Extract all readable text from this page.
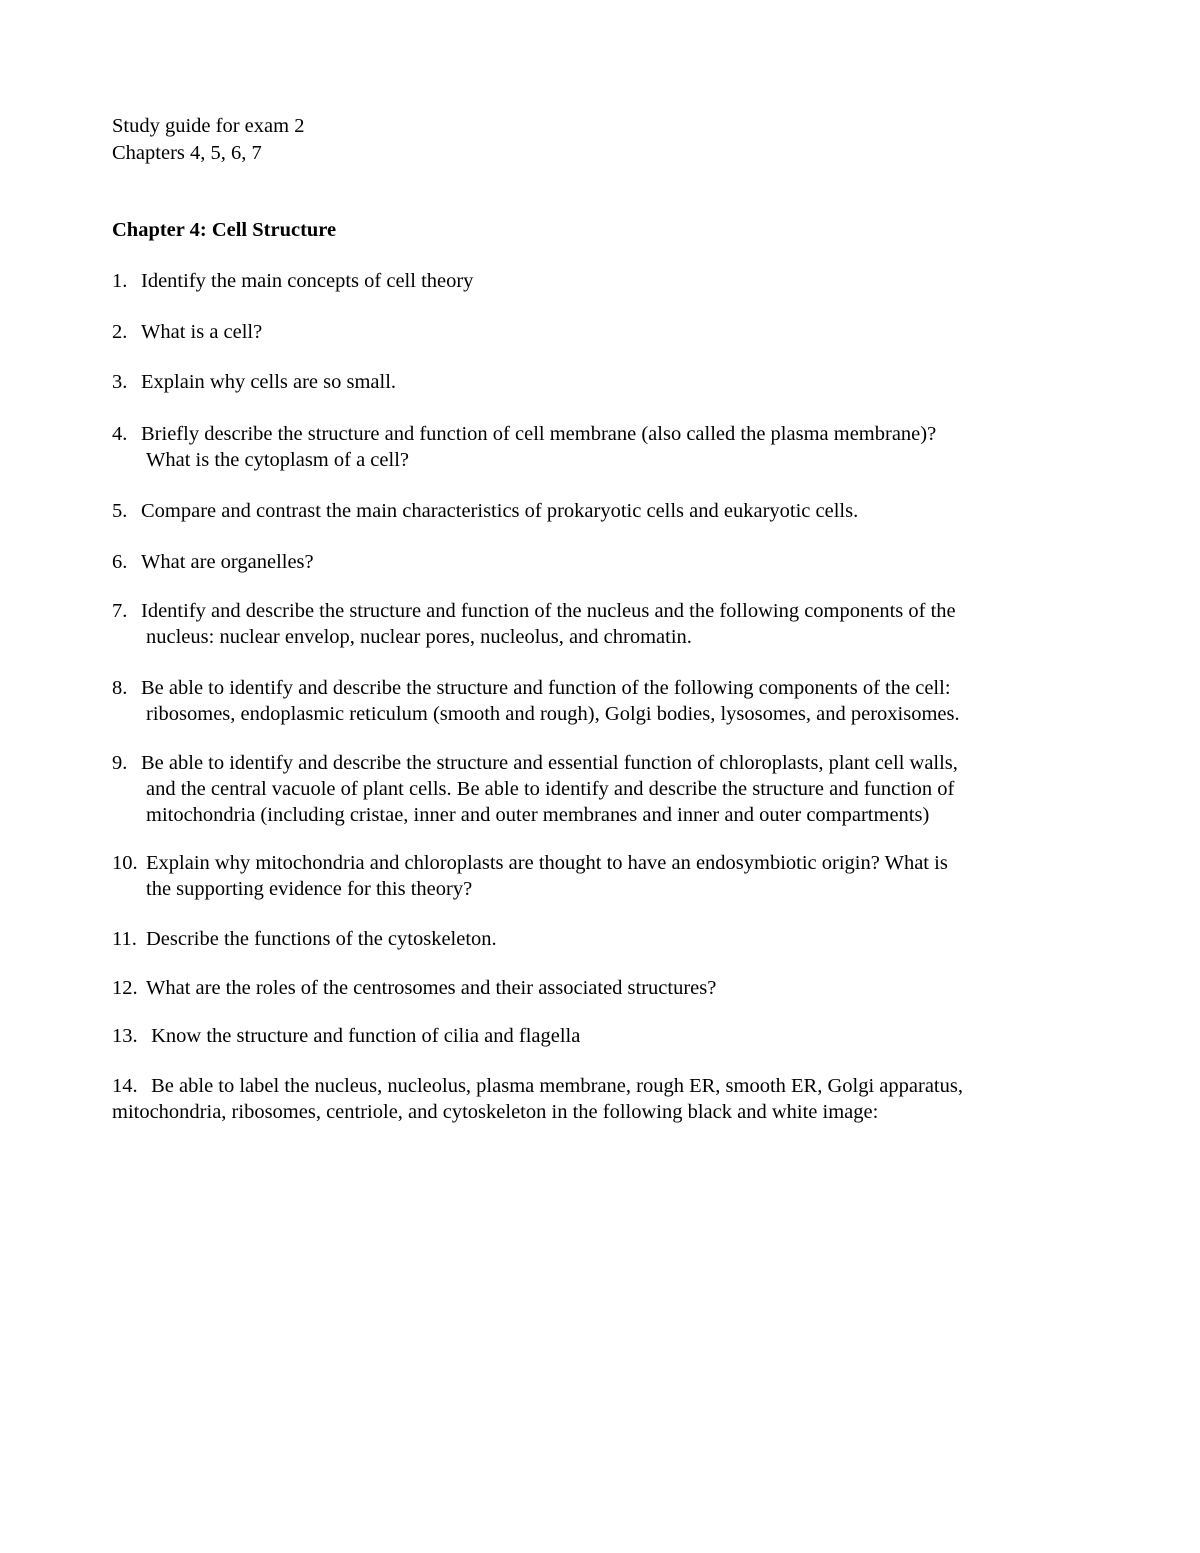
Study guide for exam 2
Chapters 4, 5, 6, 7
Chapter 4: Cell Structure
1. Identify the main concepts of cell theory
2. What is a cell?
3. Explain why cells are so small.
4. Briefly describe the structure and function of cell membrane (also called the plasma membrane)?
What is the cytoplasm of a cell?
5. Compare and contrast the main characteristics of prokaryotic cells and eukaryotic cells.
6. What are organelles?
7. Identify and describe the structure and function of the nucleus and the following components of the
nucleus: nuclear envelop, nuclear pores, nucleolus, and chromatin.
8. Be able to identify and describe the structure and function of the following components of the cell:
ribosomes, endoplasmic reticulum (smooth and rough), Golgi bodies, lysosomes, and peroxisomes.
9. Be able to identify and describe the structure and essential function of chloroplasts, plant cell walls,
and the central vacuole of plant cells. Be able to identify and describe the structure and function of
mitochondria (including cristae, inner and outer membranes and inner and outer compartments)
10. Explain why mitochondria and chloroplasts are thought to have an endosymbiotic origin? What is
the supporting evidence for this theory?
11. Describe the functions of the cytoskeleton.
12. What are the roles of the centrosomes and their associated structures?
13. Know the structure and function of cilia and flagella
14. Be able to label the nucleus, nucleolus, plasma membrane, rough ER, smooth ER, Golgi apparatus,
mitochondria, ribosomes, centriole, and cytoskeleton in the following black and white image:
